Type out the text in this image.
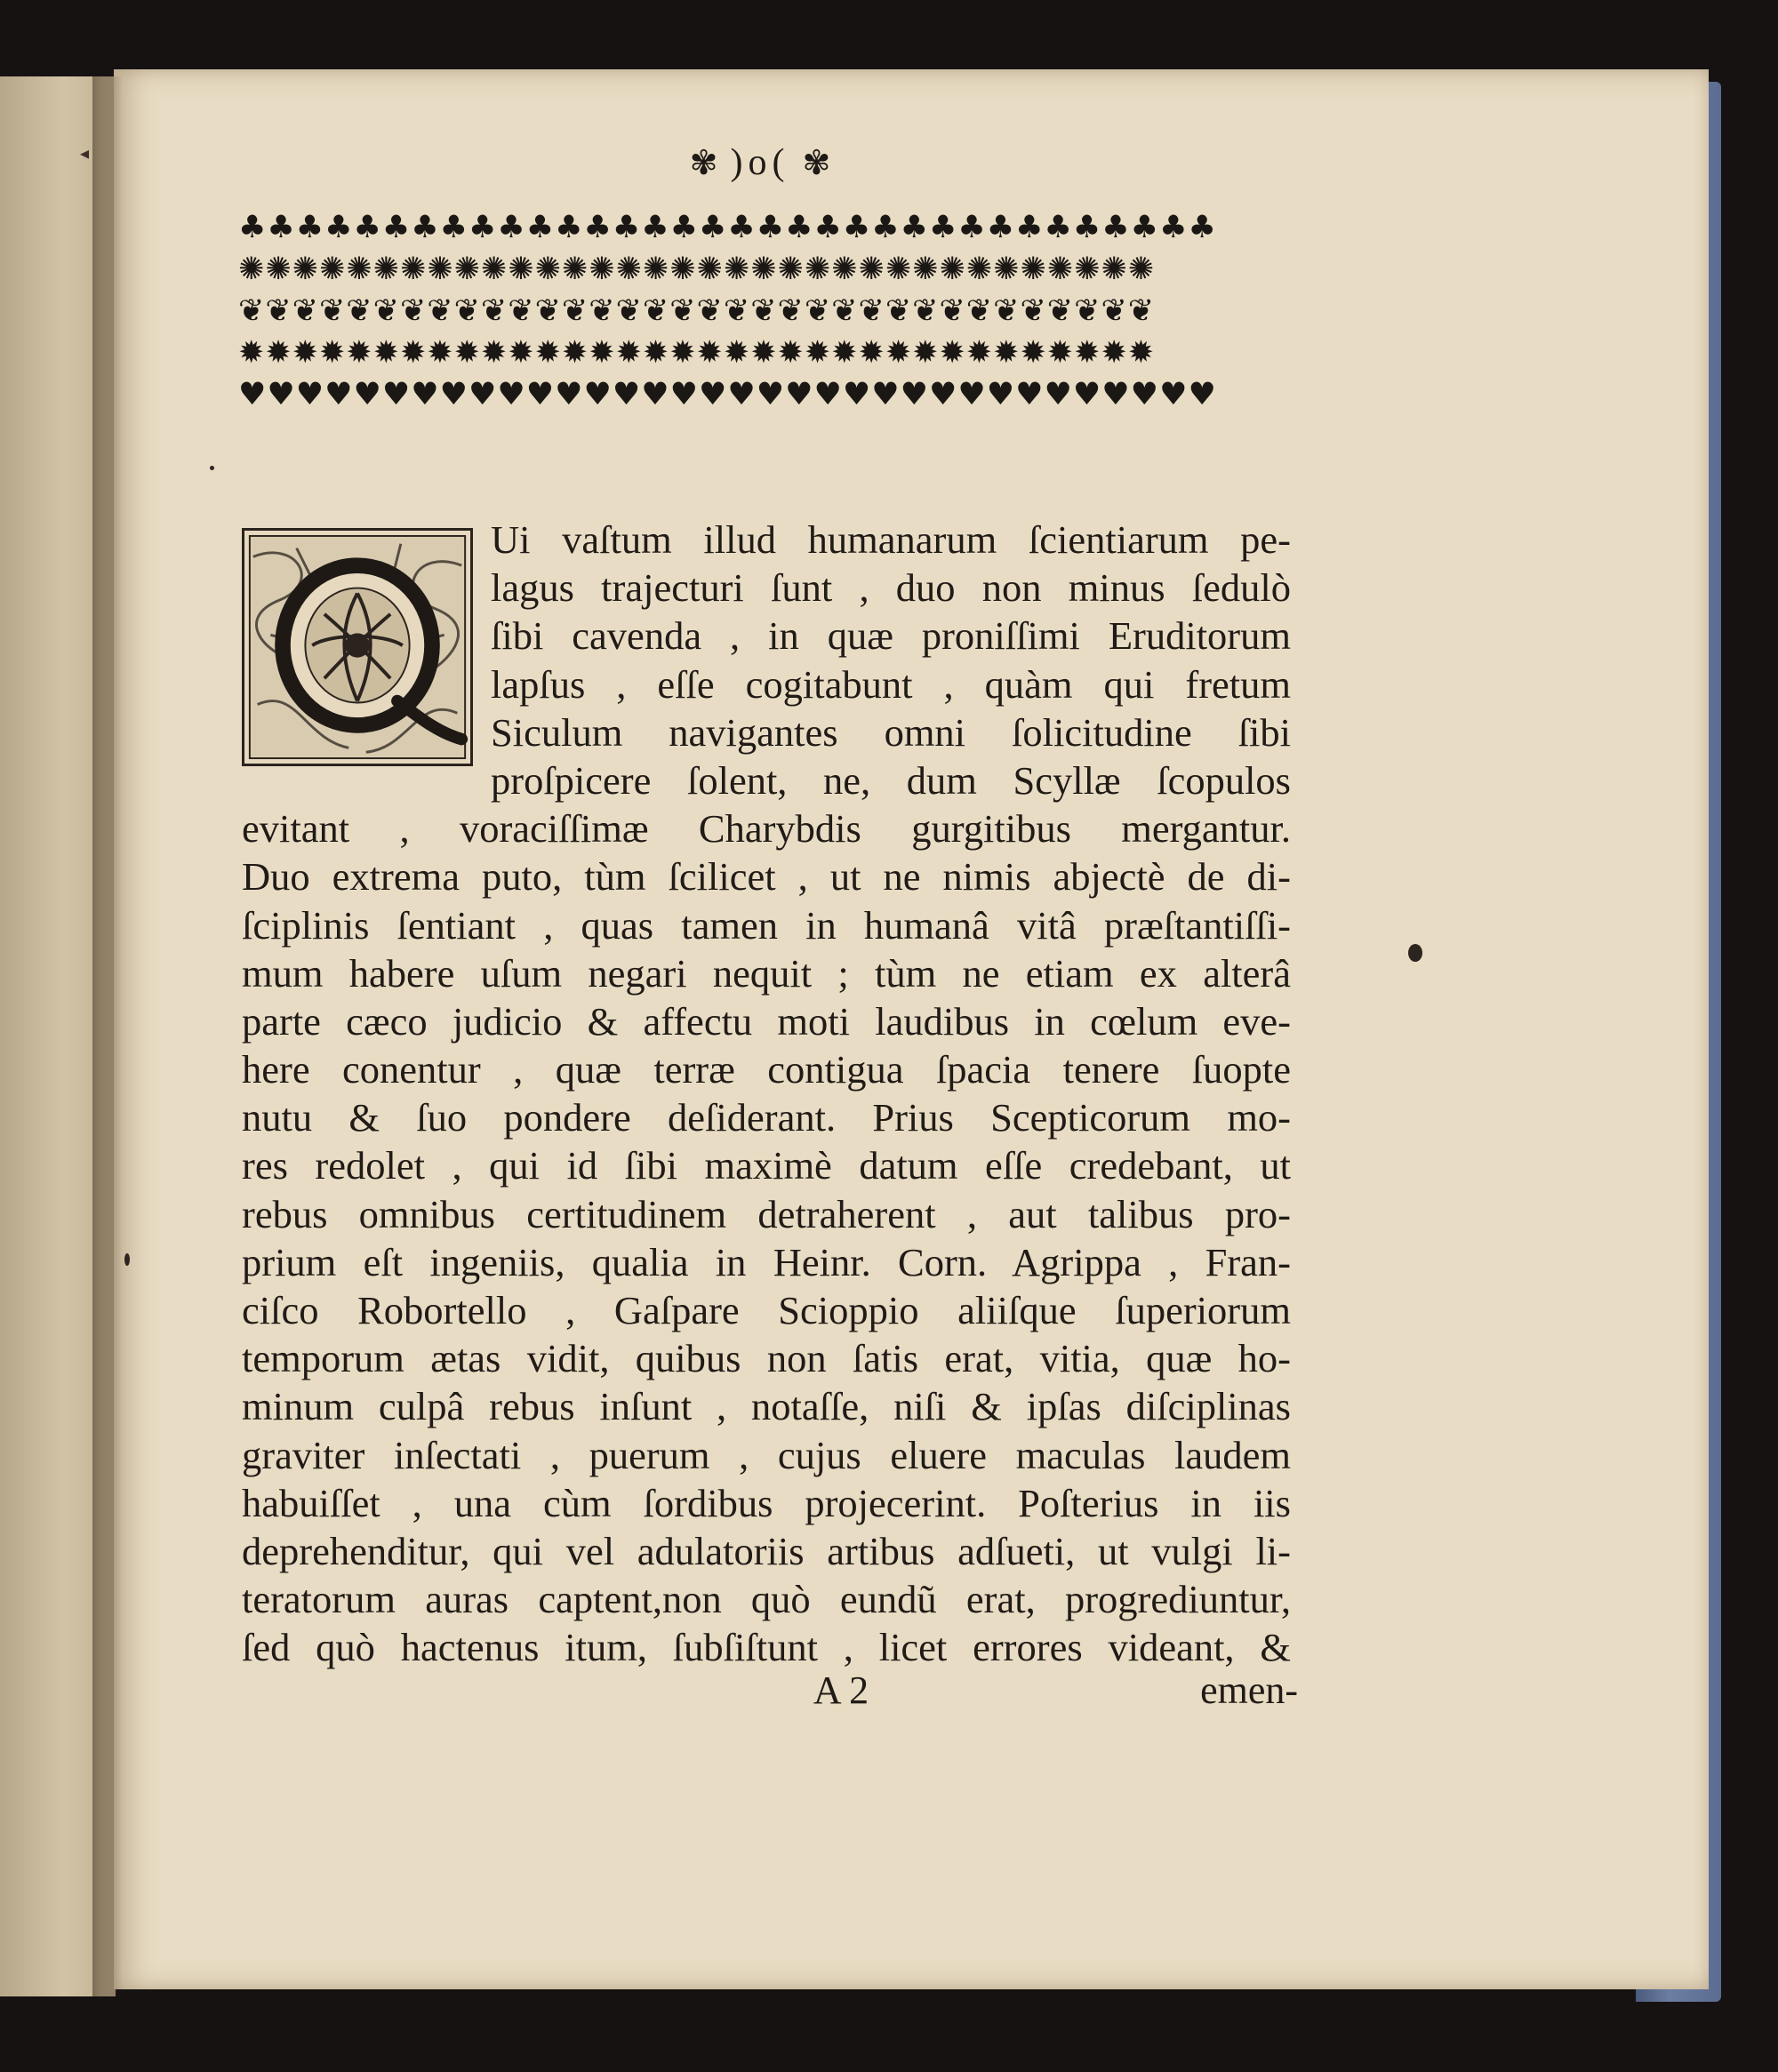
◂	✾ )o( ✾
♣♣♣♣♣♣♣♣♣♣♣♣♣♣♣♣♣♣♣♣♣♣♣♣♣♣♣♣♣♣♣♣♣♣
✺✺✺✺✺✺✺✺✺✺✺✺✺✺✺✺✺✺✺✺✺✺✺✺✺✺✺✺✺✺✺✺✺✺
❦❦❦❦❦❦❦❦❦❦❦❦❦❦❦❦❦❦❦❦❦❦❦❦❦❦❦❦❦❦❦❦❦❦
✹✹✹✹✹✹✹✹✹✹✹✹✹✹✹✹✹✹✹✹✹✹✹✹✹✹✹✹✹✹✹✹✹✹
♥♥♥♥♥♥♥♥♥♥♥♥♥♥♥♥♥♥♥♥♥♥♥♥♥♥♥♥♥♥♥♥♥♥
Ui vaſtum illud humanarum ſcientiarum pe-
lagus trajecturi ſunt , duo non minus ſedulò
ſibi cavenda , in quæ proniſſimi Eruditorum
lapſus , eſſe cogitabunt , quàm qui fretum
Siculum navigantes omni ſolicitudine ſibi
proſpicere ſolent, ne, dum Scyllæ ſcopulos
evitant , voraciſſimæ Charybdis gurgitibus mergantur.
Duo extrema puto, tùm ſcilicet , ut ne nimis abjectè de di-
ſciplinis ſentiant , quas tamen in humanâ vitâ præſtantiſſi-
mum habere uſum negari nequit ; tùm ne etiam ex alterâ
parte cæco judicio & affectu moti laudibus in cœlum eve-
here conentur , quæ terræ contigua ſpacia tenere ſuopte
nutu & ſuo pondere deſiderant. Prius Scepticorum mo-
res redolet , qui id ſibi maximè datum eſſe credebant, ut
rebus omnibus certitudinem detraherent , aut talibus pro-
prium eſt ingeniis, qualia in Heinr. Corn. Agrippa , Fran-
ciſco Robortello , Gaſpare Scioppio aliiſque ſuperiorum
temporum ætas vidit, quibus non ſatis erat, vitia, quæ ho-
minum culpâ rebus inſunt , notaſſe, niſi & ipſas diſciplinas
graviter inſectati , puerum , cujus eluere maculas laudem
habuiſſet , una cùm ſordibus projecerint. Poſterius in iis
deprehenditur, qui vel adulatoriis artibus adſueti, ut vulgi li-
teratorum auras captent,non quò eundũ erat, progrediuntur,
ſed quò hactenus itum, ſubſiſtunt , licet errores videant, &
A 2	emen-
